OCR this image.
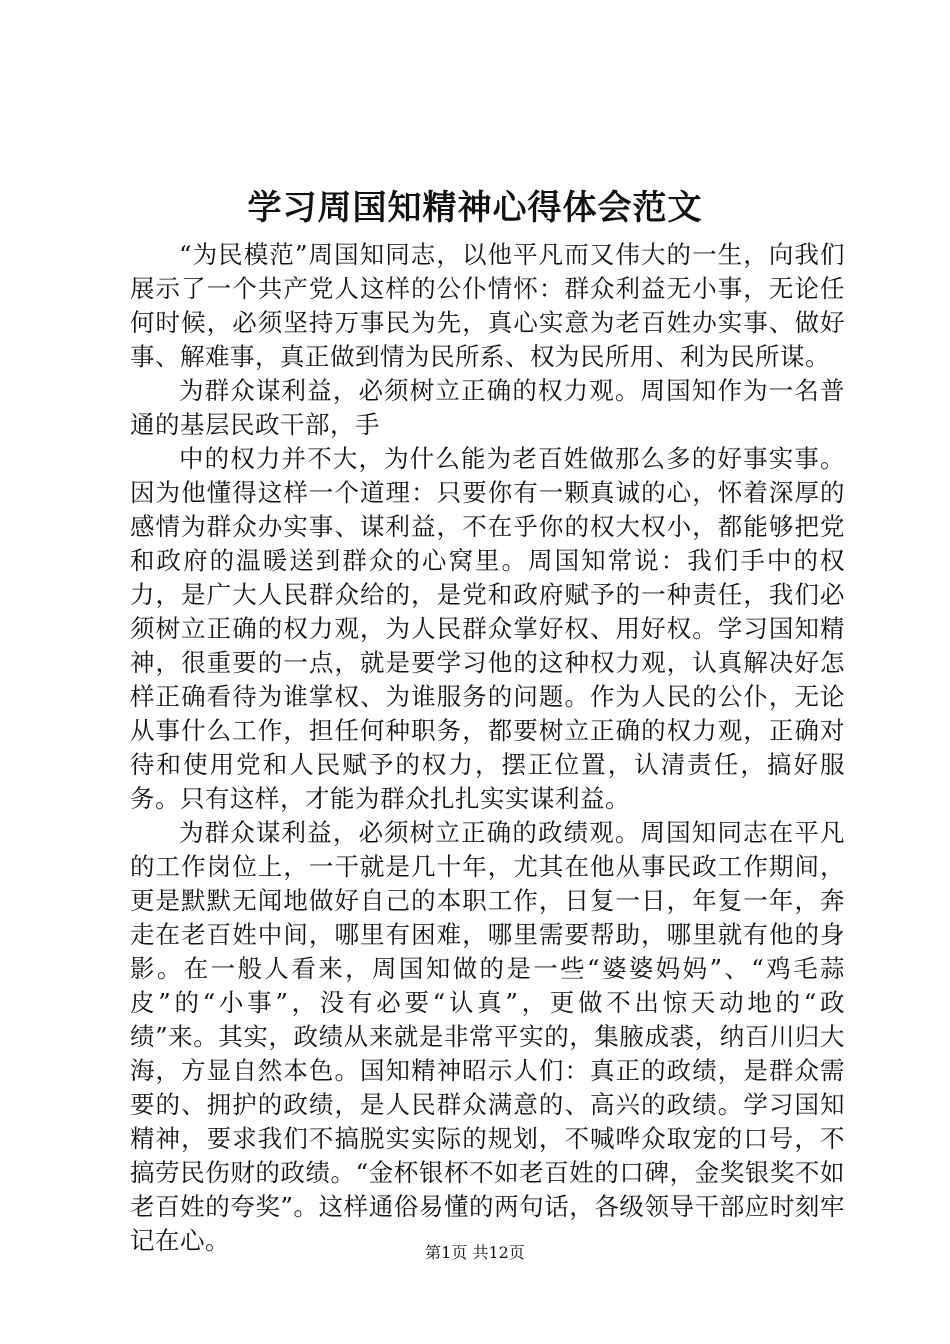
学习周国知精神心得体会范文

“为民模范”周国知同志，以他平凡而又伟大的一生，向我们展示了一个共产党人这样的公仆情怀：群众利益无小事，无论任何时候，必须坚持万事民为先，真心实意为老百姓办实事、做好事、解难事，真正做到情为民所系、权为民所用、利为民所谋。

为群众谋利益，必须树立正确的权力观。周国知作为一名普通的基层民政干部，手

中的权力并不大，为什么能为老百姓做那么多的好事实事。因为他懂得这样一个道理：只要你有一颗真诚的心，怀着深厚的感情为群众办实事、谋利益，不在乎你的权大权小，都能够把党和政府的温暖送到群众的心窝里。周国知常说：我们手中的权力，是广大人民群众给的，是党和政府赋予的一种责任，我们必须树立正确的权力观，为人民群众掌好权、用好权。学习国知精神，很重要的一点，就是要学习他的这种权力观，认真解决好怎样正确看待为谁掌权、为谁服务的问题。作为人民的公仆，无论从事什么工作，担任何种职务，都要树立正确的权力观，正确对待和使用党和人民赋予的权力，摆正位置，认清责任，搞好服务。只有这样，才能为群众扎扎实实谋利益。

为群众谋利益，必须树立正确的政绩观。周国知同志在平凡的工作岗位上，一干就是几十年，尤其在他从事民政工作期间，更是默默无闻地做好自己的本职工作，日复一日，年复一年，奔走在老百姓中间，哪里有困难，哪里需要帮助，哪里就有他的身影。在一般人看来，周国知做的是一些“婆婆妈妈”、“鸡毛蒜皮”的“小事”，没有必要“认真”，更做不出惊天动地的“政绩”来。其实，政绩从来就是非常平实的，集腋成裘，纳百川归大海，方显自然本色。国知精神昭示人们：真正的政绩，是群众需要的、拥护的政绩，是人民群众满意的、高兴的政绩。学习国知精神，要求我们不搞脱实实际的规划，不喊哗众取宠的口号，不搞劳民伤财的政绩。“金杯银杯不如老百姓的口碑，金奖银奖不如老百姓的夸奖”。这样通俗易懂的两句话，各级领导干部应时刻牢记在心。	第1页 共12页
